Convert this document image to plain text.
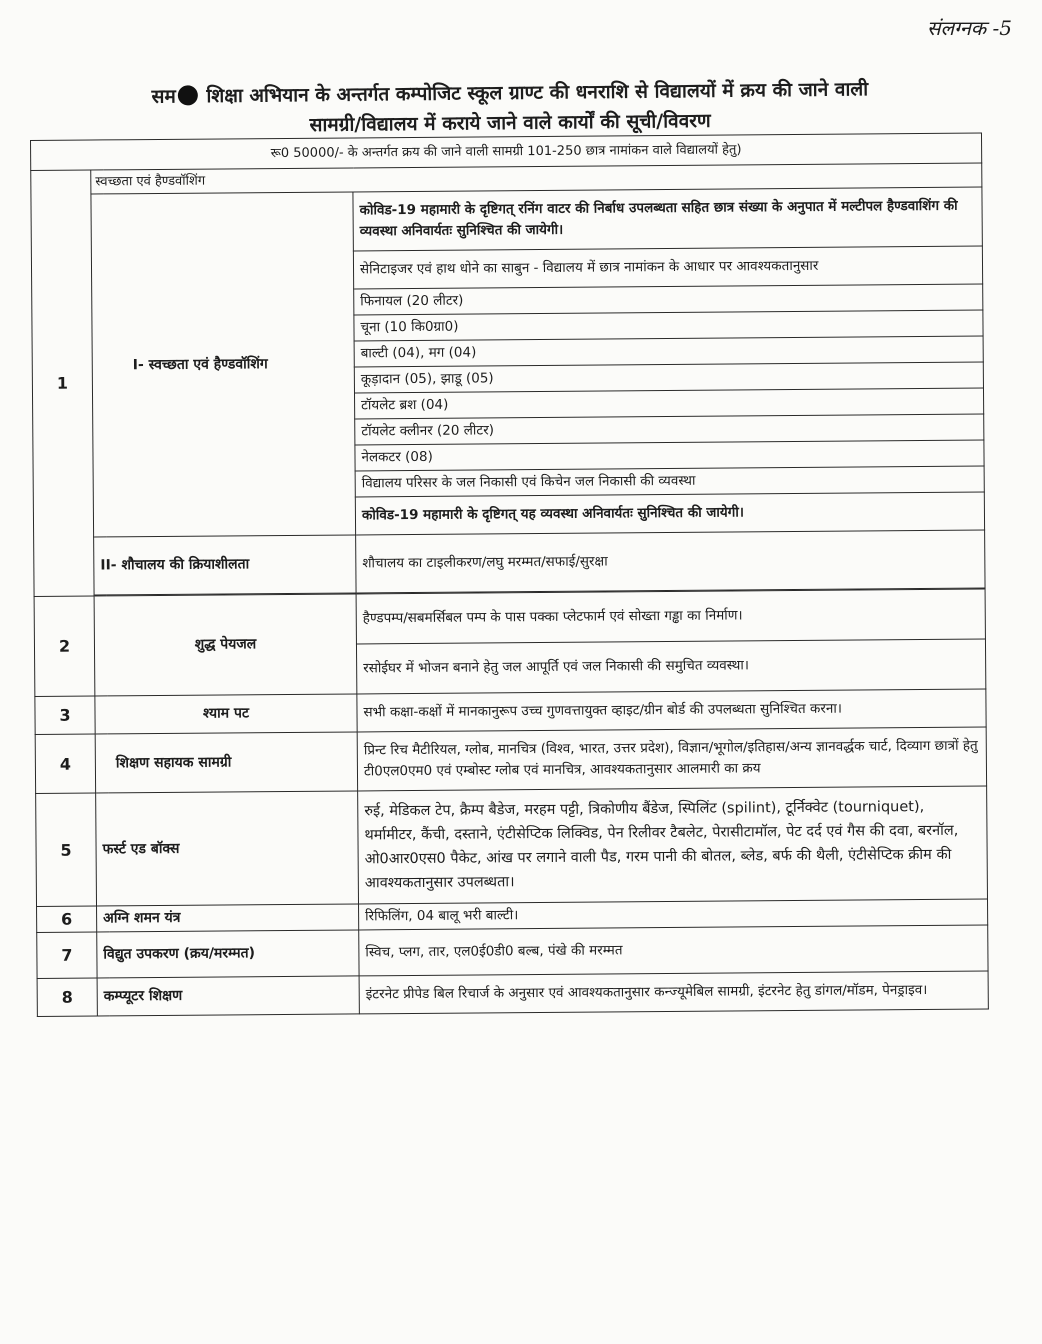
संलग्नक -5
सम शिक्षा अभियान के अन्तर्गत कम्पोजिट स्कूल ग्राण्ट की धनराशि से विद्यालयों में क्रय की जाने वाली
सामग्री/विद्यालय में कराये जाने वाले कार्यों की सूची/विवरण
रू0 50000/- के अन्तर्गत क्रय की जाने वाली सामग्री 101-250 छात्र नामांकन वाले विद्यालयों हेतु)		
1	स्वच्छता एवं हैण्डवॉशिंग	
	I- स्वच्छता एवं हैण्डवॉशिंग	कोविड-19 महामारी के दृष्टिगत् रनिंग वाटर की निर्बाध उपलब्धता सहित छात्र संख्या के अनुपात में मल्टीपल हैण्डवाशिंग की व्यवस्था अनिवार्यतः सुनिश्चित की जायेगी।
		सेनिटाइजर एवं हाथ धोने का साबुन - विद्यालय में छात्र नामांकन के आधार पर आवश्यकतानुसार
		फिनायल (20 लीटर)
		चूना (10 कि0ग्रा0)
		बाल्टी (04), मग (04)
		कूड़ादान (05), झाडू (05)
		टॉयलेट ब्रश (04)
		टॉयलेट क्लीनर (20 लीटर)
		नेलकटर (08)
		विद्यालय परिसर के जल निकासी एवं किचेन जल निकासी की व्यवस्था
		कोविड-19 महामारी के दृष्टिगत् यह व्यवस्था अनिवार्यतः सुनिश्चित की जायेगी।
	II- शौचालय की क्रियाशीलता	शौचालय का टाइलीकरण/लघु मरम्मत/सफाई/सुरक्षा

2	शुद्ध पेयजल	हैण्डपम्प/सबमर्सिबल पम्प के पास पक्का प्लेटफार्म एवं सोख्ता गड्ढा का निर्माण।
		रसोईघर में भोजन बनाने हेतु जल आपूर्ति एवं जल निकासी की समुचित व्यवस्था।
3	श्याम पट	सभी कक्षा-कक्षों में मानकानुरूप उच्च गुणवत्तायुक्त व्हाइट/ग्रीन बोर्ड की उपलब्धता सुनिश्चित करना।
4	शिक्षण सहायक सामग्री	प्रिन्ट रिच मैटीरियल, ग्लोब, मानचित्र (विश्व, भारत, उत्तर प्रदेश), विज्ञान/भूगोल/इतिहास/अन्य ज्ञानवर्द्धक चार्ट, दिव्याग छात्रों हेतु टी0एल0एम0 एवं एम्बोस्ट ग्लोब एवं मानचित्र, आवश्यकतानुसार आलमारी का क्रय
5	फर्स्ट एड बॉक्स	रुई, मेडिकल टेप, क्रैम्प बैडेज, मरहम पट्टी, त्रिकोणीय बैंडेज, स्पिलिंट (spilint), टूर्निक्वेट (tourniquet), थर्मामीटर, कैंची, दस्ताने, एंटीसेप्टिक लिक्विड, पेन रिलीवर टैबलेट, पेरासीटामॉल, पेट दर्द एवं गैस की दवा, बरनॉल, ओ0आर0एस0 पैकेट, आंख पर लगाने वाली पैड, गरम पानी की बोतल, ब्लेड, बर्फ की थैली, एंटीसेप्टिक क्रीम की आवश्यकतानुसार उपलब्धता।
6	अग्नि शमन यंत्र	रिफिलिंग, 04 बालू भरी बाल्टी।
7	विद्युत उपकरण (क्रय/मरम्मत)	स्विच, प्लग, तार, एल0ई0डी0 बल्ब, पंखे की मरम्मत
8	कम्प्यूटर शिक्षण	इंटरनेट प्रीपेड बिल रिचार्ज के अनुसार एवं आवश्यकतानुसार कन्ज्यूमेबिल सामग्री, इंटरनेट हेतु डांगल/मॉडम, पेनड्राइव।
